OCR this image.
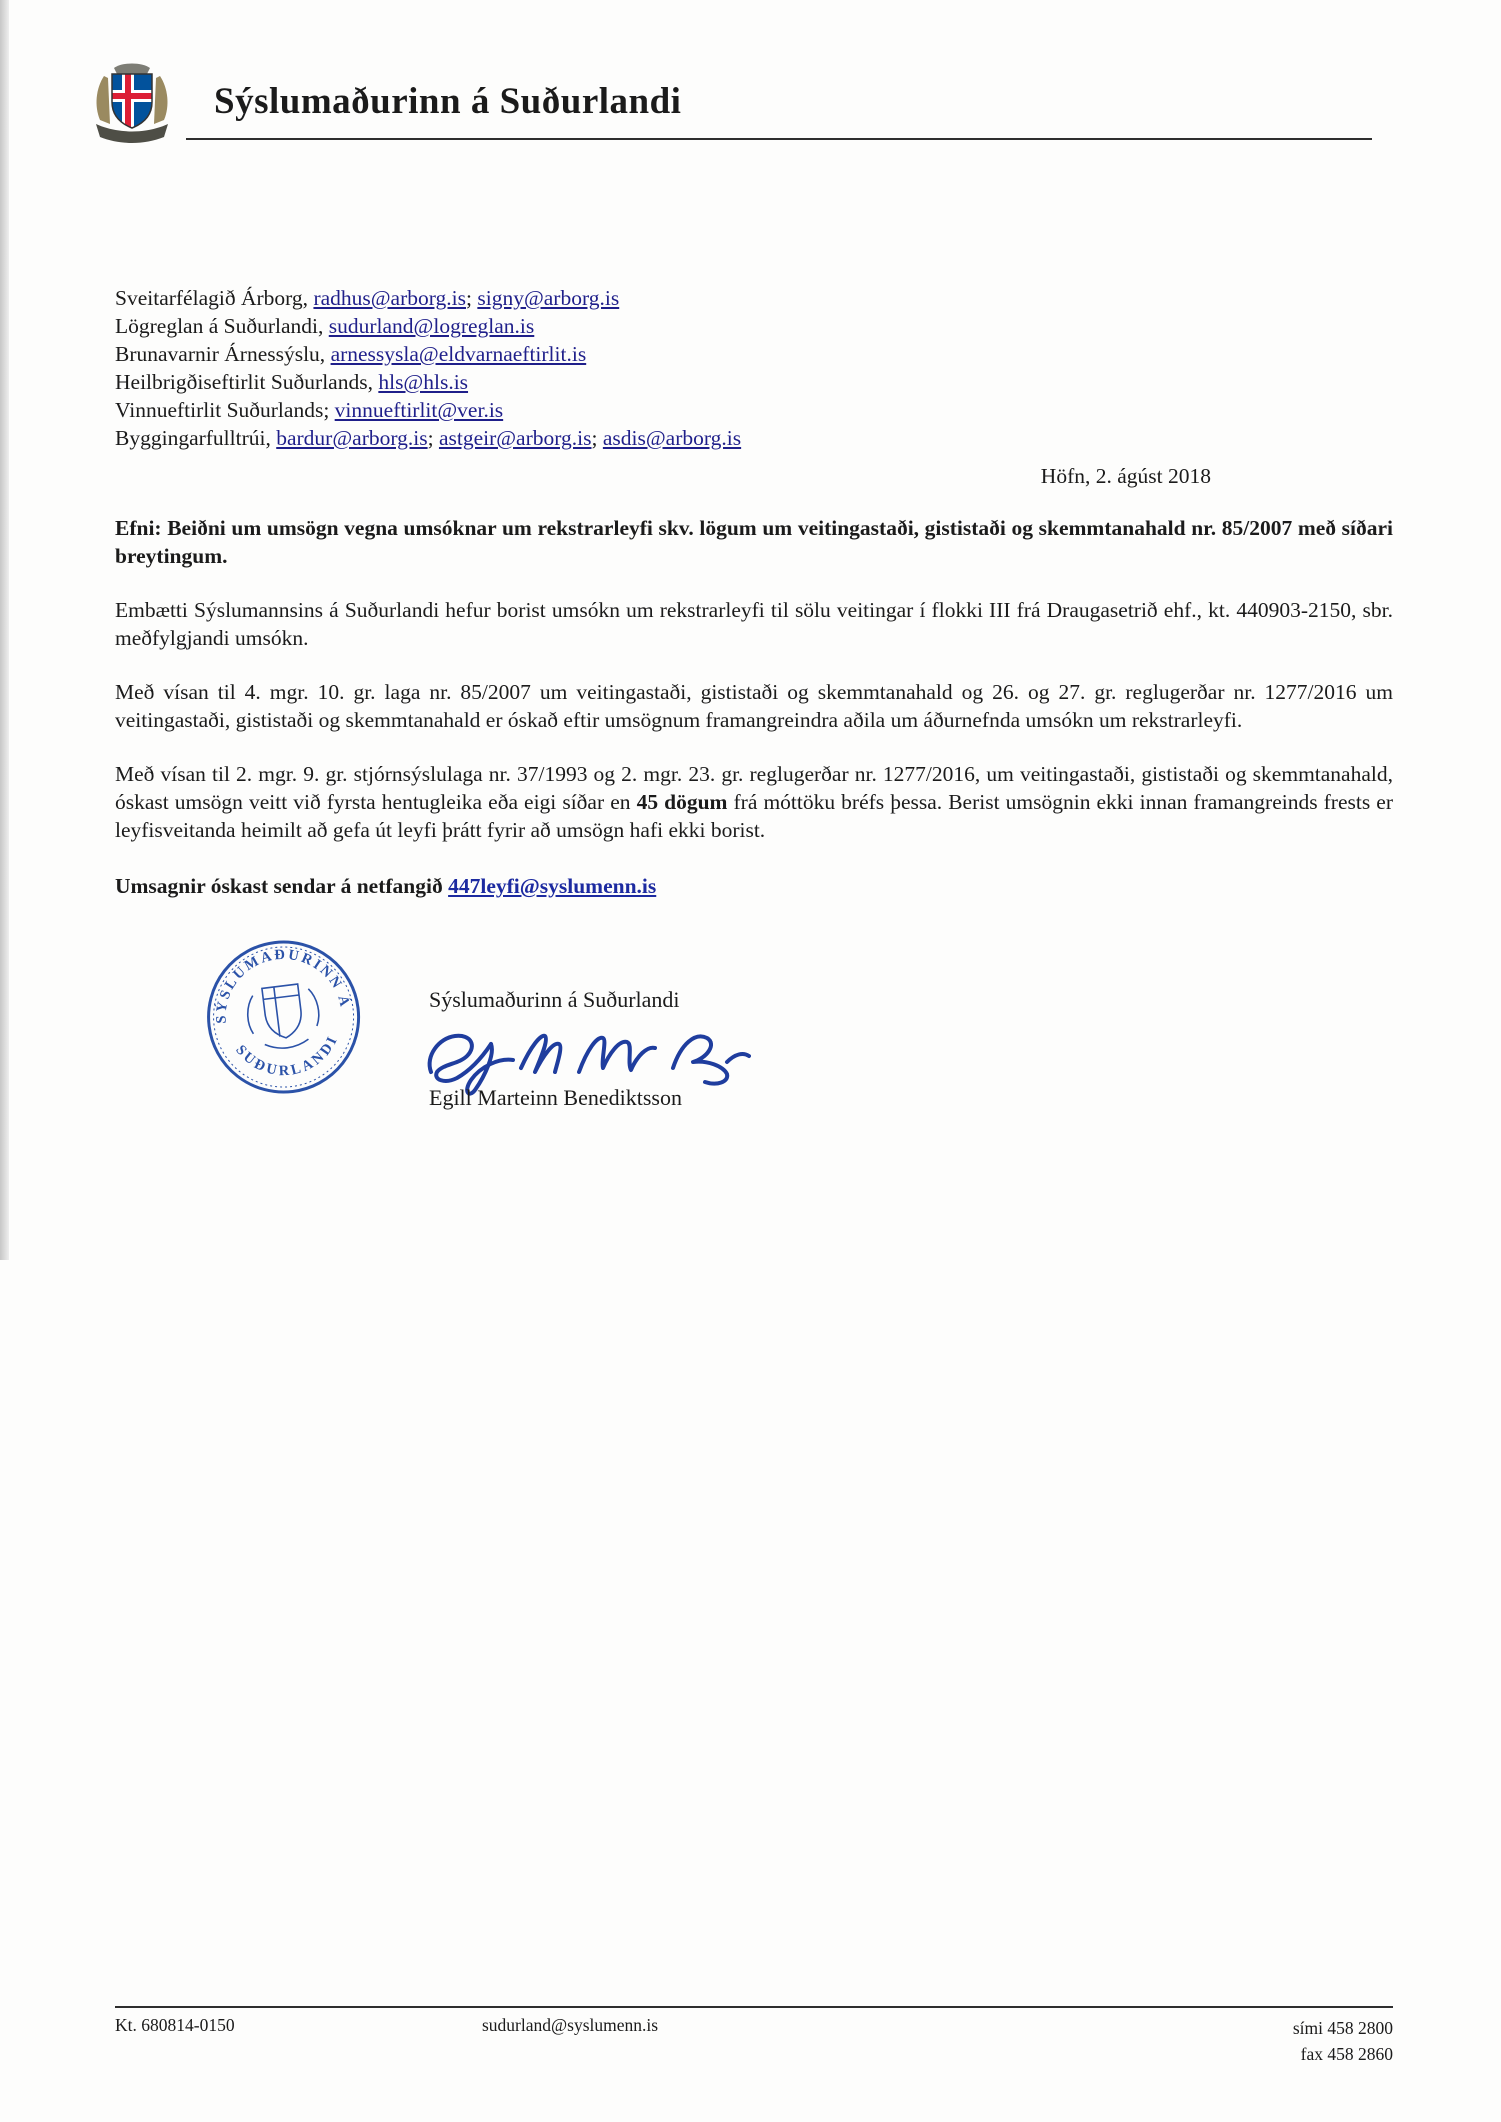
Sýslumaðurinn á Suðurlandi
Sveitarfélagið Árborg, radhus@arborg.is; signy@arborg.is
Lögreglan á Suðurlandi, sudurland@logreglan.is
Brunavarnir Árnessýslu, arnessysla@eldvarnaeftirlit.is
Heilbrigðiseftirlit Suðurlands, hls@hls.is
Vinnueftirlit Suðurlands; vinnueftirlit@ver.is
Byggingarfulltrúi, bardur@arborg.is; astgeir@arborg.is; asdis@arborg.is
Höfn, 2. ágúst 2018

Efni: Beiðni um umsögn vegna umsóknar um rekstrarleyfi skv. lögum um veitingastaði, gististaði og skemmtanahald nr. 85/2007 með síðari breytingum.

Embætti Sýslumannsins á Suðurlandi hefur borist umsókn um rekstrarleyfi til sölu veitingar í flokki III frá Draugasetrið ehf., kt. 440903-2150, sbr. meðfylgjandi umsókn.

Með vísan til 4. mgr. 10. gr. laga nr. 85/2007 um veitingastaði, gististaði og skemmtanahald og 26. og 27. gr. reglugerðar nr. 1277/2016 um veitingastaði, gististaði og skemmtanahald er óskað eftir umsögnum framangreindra aðila um áðurnefnda umsókn um rekstrarleyfi.

Með vísan til 2. mgr. 9. gr. stjórnsýslulaga nr. 37/1993 og 2. mgr. 23. gr. reglugerðar nr. 1277/2016, um veitingastaði, gististaði og skemmtanahald, óskast umsögn veitt við fyrsta hentugleika eða eigi síðar en 45 dögum frá móttöku bréfs þessa. Berist umsögnin ekki innan framangreinds frests er leyfisveitanda heimilt að gefa út leyfi þrátt fyrir að umsögn hafi ekki borist.

Umsagnir óskast sendar á netfangið 447leyfi@syslumenn.is

SÝSLUMAÐURINN Á
SUÐURLANDI
Sýslumaðurinn á Suðurlandi
Egill Marteinn Benediktsson
Kt. 680814-0150	sudurland@syslumenn.is	sími 458 2800
fax 458 2860
